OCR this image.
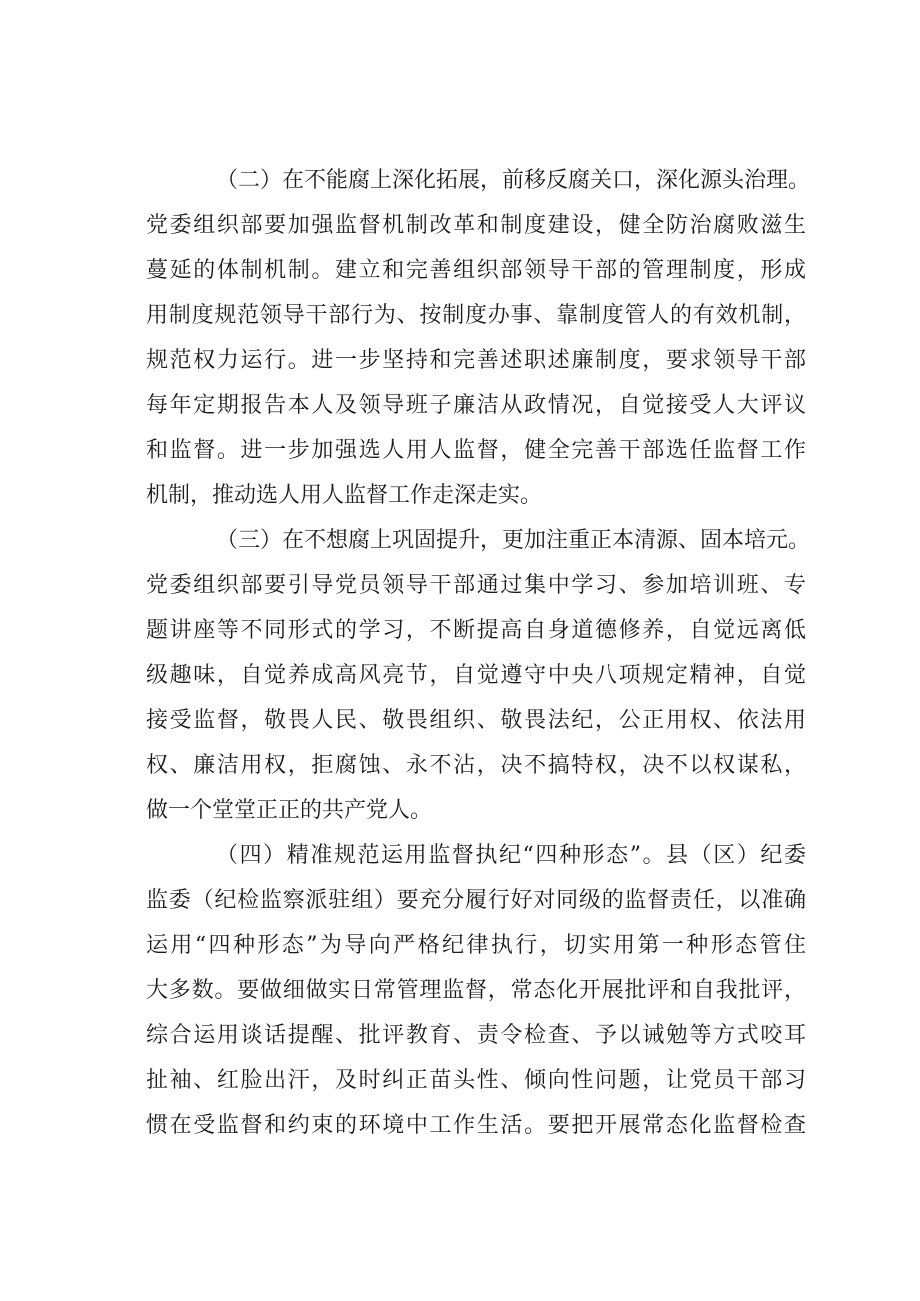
（二）在不能腐上深化拓展，前移反腐关口，深化源头治理。
党委组织部要加强监督机制改革和制度建设，健全防治腐败滋生
蔓延的体制机制。建立和完善组织部领导干部的管理制度，形成
用制度规范领导干部行为、按制度办事、靠制度管人的有效机制，
规范权力运行。进一步坚持和完善述职述廉制度，要求领导干部
每年定期报告本人及领导班子廉洁从政情况，自觉接受人大评议
和监督。进一步加强选人用人监督，健全完善干部选任监督工作
机制，推动选人用人监督工作走深走实。
（三）在不想腐上巩固提升，更加注重正本清源、固本培元。
党委组织部要引导党员领导干部通过集中学习、参加培训班、专
题讲座等不同形式的学习，不断提高自身道德修养，自觉远离低
级趣味，自觉养成高风亮节，自觉遵守中央八项规定精神，自觉
接受监督，敬畏人民、敬畏组织、敬畏法纪，公正用权、依法用
权、廉洁用权，拒腐蚀、永不沾，决不搞特权，决不以权谋私，
做一个堂堂正正的共产党人。
（四）精准规范运用监督执纪“四种形态”。县（区）纪委
监委（纪检监察派驻组）要充分履行好对同级的监督责任，以准确
运用“四种形态”为导向严格纪律执行，切实用第一种形态管住
大多数。要做细做实日常管理监督，常态化开展批评和自我批评，
综合运用谈话提醒、批评教育、责令检查、予以诫勉等方式咬耳
扯袖、红脸出汗，及时纠正苗头性、倾向性问题，让党员干部习
惯在受监督和约束的环境中工作生活。要把开展常态化监督检查
